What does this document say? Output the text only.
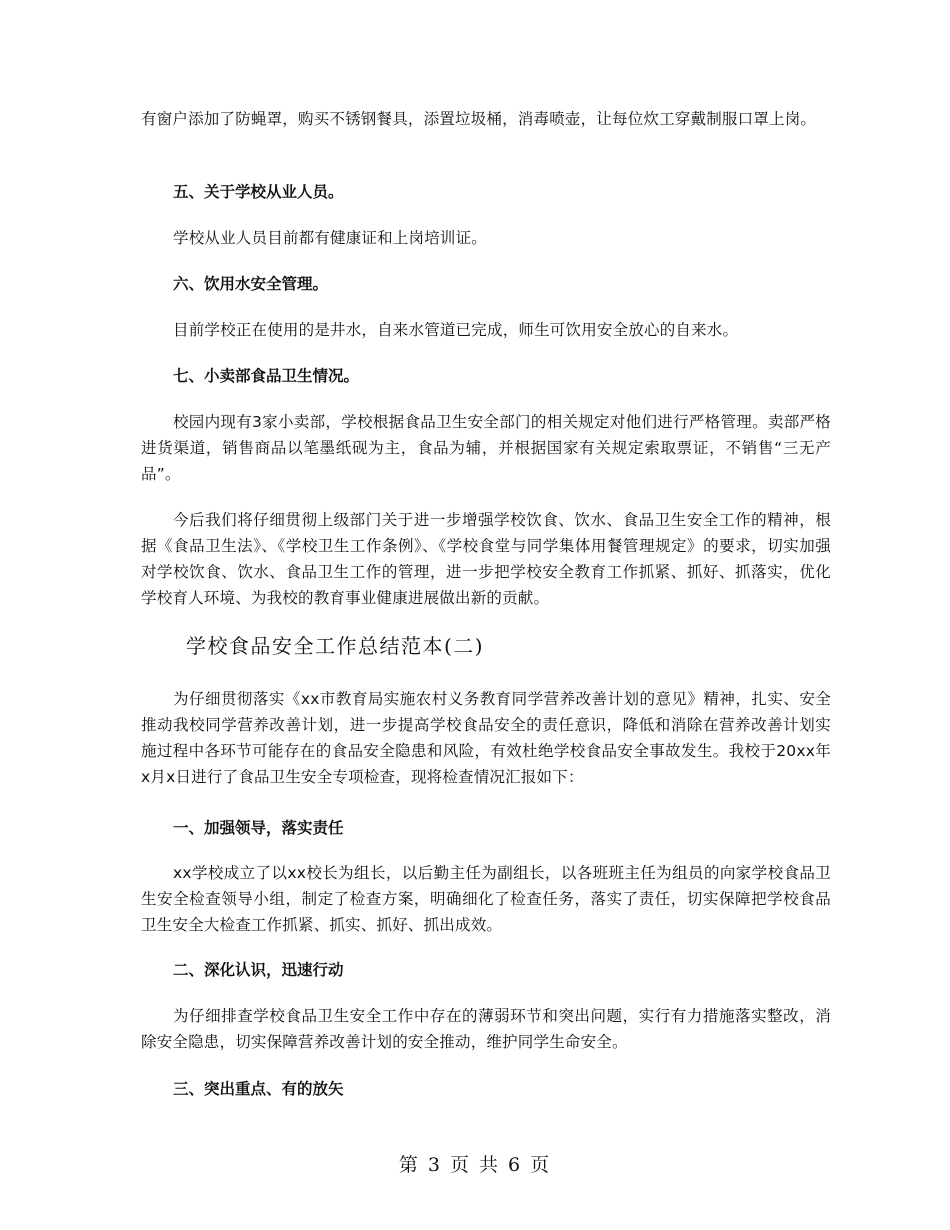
有窗户添加了防蝇罩，购买不锈钢餐具，添置垃圾桶，消毒喷壶，让每位炊工穿戴制服口罩上岗。

五、关于学校从业人员。

学校从业人员目前都有健康证和上岗培训证。

六、饮用水安全管理。

目前学校正在使用的是井水，自来水管道已完成，师生可饮用安全放心的自来水。

七、小卖部食品卫生情况。

校园内现有3家小卖部，学校根据食品卫生安全部门的相关规定对他们进行严格管理。卖部严格进货渠道，销售商品以笔墨纸砚为主，食品为辅，并根据国家有关规定索取票证，不销售“三无产品”。

今后我们将仔细贯彻上级部门关于进一步增强学校饮食、饮水、食品卫生安全工作的精神，根据《食品卫生法》、《学校卫生工作条例》、《学校食堂与同学集体用餐管理规定》的要求，切实加强对学校饮食、饮水、食品卫生工作的管理，进一步把学校安全教育工作抓紧、抓好、抓落实，优化学校育人环境、为我校的教育事业健康进展做出新的贡献。

学校食品安全工作总结范本(二)

为仔细贯彻落实《xx市教育局实施农村义务教育同学营养改善计划的意见》精神，扎实、安全推动我校同学营养改善计划，进一步提高学校食品安全的责任意识，降低和消除在营养改善计划实施过程中各环节可能存在的食品安全隐患和风险，有效杜绝学校食品安全事故发生。我校于20xx年x月x日进行了食品卫生安全专项检查，现将检查情况汇报如下：

一、加强领导，落实责任

xx学校成立了以xx校长为组长，以后勤主任为副组长，以各班班主任为组员的向家学校食品卫生安全检查领导小组，制定了检查方案，明确细化了检查任务，落实了责任，切实保障把学校食品卫生安全大检查工作抓紧、抓实、抓好、抓出成效。

二、深化认识，迅速行动

为仔细排查学校食品卫生安全工作中存在的薄弱环节和突出问题，实行有力措施落实整改，消除安全隐患，切实保障营养改善计划的安全推动，维护同学生命安全。

三、突出重点、有的放矢

第 3 页 共 6 页
